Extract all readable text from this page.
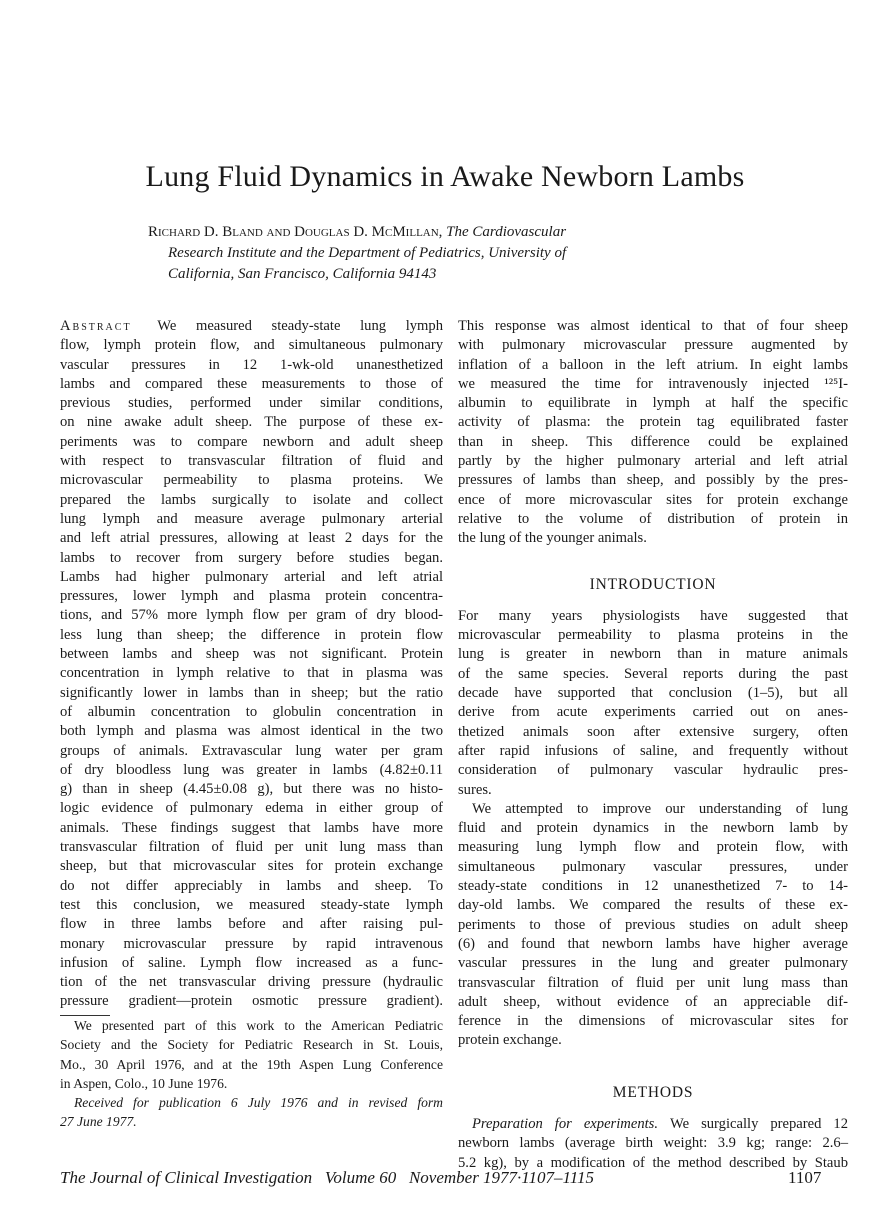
Lung Fluid Dynamics in Awake Newborn Lambs
Richard D. Bland and Douglas D. McMillan, The Cardiovascular
Research Institute and the Department of Pediatrics, University of
California, San Francisco, California 94143
Abstract We measured steady-state lung lymph
flow, lymph protein flow, and simultaneous pulmonary
vascular pressures in 12 1-wk-old unanesthetized
lambs and compared these measurements to those of
previous studies, performed under similar conditions,
on nine awake adult sheep. The purpose of these ex-
periments was to compare newborn and adult sheep
with respect to transvascular filtration of fluid and
microvascular permeability to plasma proteins. We
prepared the lambs surgically to isolate and collect
lung lymph and measure average pulmonary arterial
and left atrial pressures, allowing at least 2 days for the
lambs to recover from surgery before studies began.
Lambs had higher pulmonary arterial and left atrial
pressures, lower lymph and plasma protein concentra-
tions, and 57% more lymph flow per gram of dry blood-
less lung than sheep; the difference in protein flow
between lambs and sheep was not significant. Protein
concentration in lymph relative to that in plasma was
significantly lower in lambs than in sheep; but the ratio
of albumin concentration to globulin concentration in
both lymph and plasma was almost identical in the two
groups of animals. Extravascular lung water per gram
of dry bloodless lung was greater in lambs (4.82±0.11
g) than in sheep (4.45±0.08 g), but there was no histo-
logic evidence of pulmonary edema in either group of
animals. These findings suggest that lambs have more
transvascular filtration of fluid per unit lung mass than
sheep, but that microvascular sites for protein exchange
do not differ appreciably in lambs and sheep. To
test this conclusion, we measured steady-state lymph
flow in three lambs before and after raising pul-
monary microvascular pressure by rapid intravenous
infusion of saline. Lymph flow increased as a func-
tion of the net transvascular driving pressure (hydraulic
pressure gradient—protein osmotic pressure gradient).
This response was almost identical to that of four sheep
with pulmonary microvascular pressure augmented by
inflation of a balloon in the left atrium. In eight lambs
we measured the time for intravenously injected ¹²⁵I-
albumin to equilibrate in lymph at half the specific
activity of plasma: the protein tag equilibrated faster
than in sheep. This difference could be explained
partly by the higher pulmonary arterial and left atrial
pressures of lambs than sheep, and possibly by the pres-
ence of more microvascular sites for protein exchange
relative to the volume of distribution of protein in
the lung of the younger animals.
INTRODUCTION
For many years physiologists have suggested that
microvascular permeability to plasma proteins in the
lung is greater in newborn than in mature animals
of the same species. Several reports during the past
decade have supported that conclusion (1–5), but all
derive from acute experiments carried out on anes-
thetized animals soon after extensive surgery, often
after rapid infusions of saline, and frequently without
consideration of pulmonary vascular hydraulic pres-
sures.
We attempted to improve our understanding of lung
fluid and protein dynamics in the newborn lamb by
measuring lung lymph flow and protein flow, with
simultaneous pulmonary vascular pressures, under
steady-state conditions in 12 unanesthetized 7- to 14-
day-old lambs. We compared the results of these ex-
periments to those of previous studies on adult sheep
(6) and found that newborn lambs have higher average
vascular pressures in the lung and greater pulmonary
transvascular filtration of fluid per unit lung mass than
adult sheep, without evidence of an appreciable dif-
ference in the dimensions of microvascular sites for
protein exchange.
METHODS
Preparation for experiments. We surgically prepared 12
newborn lambs (average birth weight: 3.9 kg; range: 2.6–
5.2 kg), by a modification of the method described by Staub
We presented part of this work to the American Pediatric
Society and the Society for Pediatric Research in St. Louis,
Mo., 30 April 1976, and at the 19th Aspen Lung Conference
in Aspen, Colo., 10 June 1976.
Received for publication 6 July 1976 and in revised form
27 June 1977.
The Journal of Clinical Investigation   Volume 60   November 1977·1107–1115	1107
